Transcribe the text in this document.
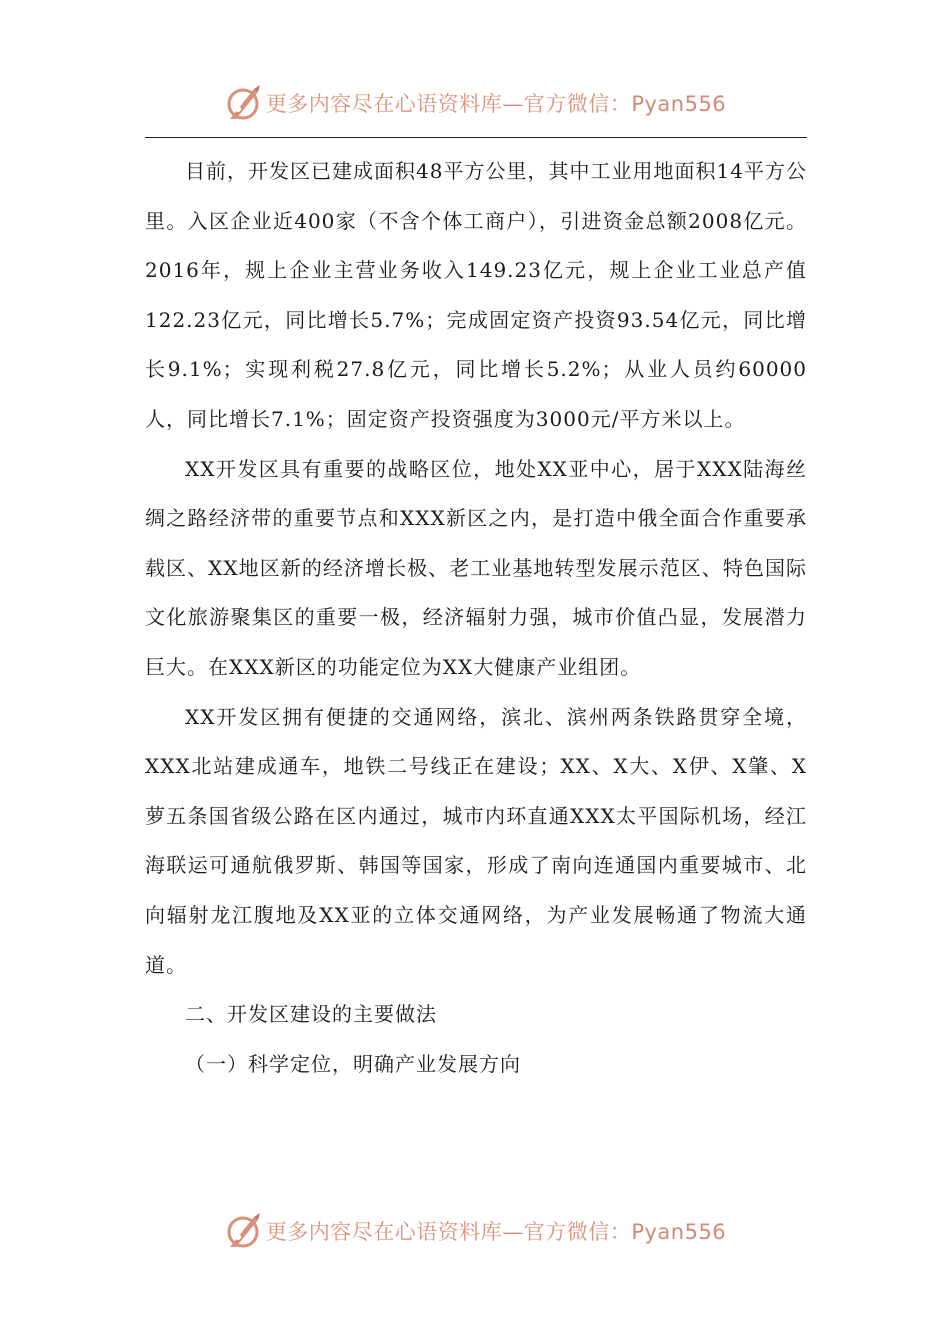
更多内容尽在心语资料库—官方微信：Pyan556

目前，开发区已建成面积48平方公里，其中工业用地面积14平方公里。入区企业近400家（不含个体工商户），引进资金总额2008亿元。2016年，规上企业主营业务收入149.23亿元，规上企业工业总产值122.23亿元，同比增长5.7%；完成固定资产投资93.54亿元，同比增长9.1%；实现利税27.8亿元，同比增长5.2%；从业人员约60000人，同比增长7.1%；固定资产投资强度为3000元/平方米以上。

XX开发区具有重要的战略区位，地处XX亚中心，居于XXX陆海丝绸之路经济带的重要节点和XXX新区之内，是打造中俄全面合作重要承载区、XX地区新的经济增长极、老工业基地转型发展示范区、特色国际文化旅游聚集区的重要一极，经济辐射力强，城市价值凸显，发展潜力巨大。在XXX新区的功能定位为XX大健康产业组团。

XX开发区拥有便捷的交通网络，滨北、滨州两条铁路贯穿全境，XXX北站建成通车，地铁二号线正在建设；XX、X大、X伊、X肇、X萝五条国省级公路在区内通过，城市内环直通XXX太平国际机场，经江海联运可通航俄罗斯、韩国等国家，形成了南向连通国内重要城市、北向辐射龙江腹地及XX亚的立体交通网络，为产业发展畅通了物流大通道。

二、开发区建设的主要做法

（一）科学定位，明确产业发展方向

更多内容尽在心语资料库—官方微信：Pyan556
